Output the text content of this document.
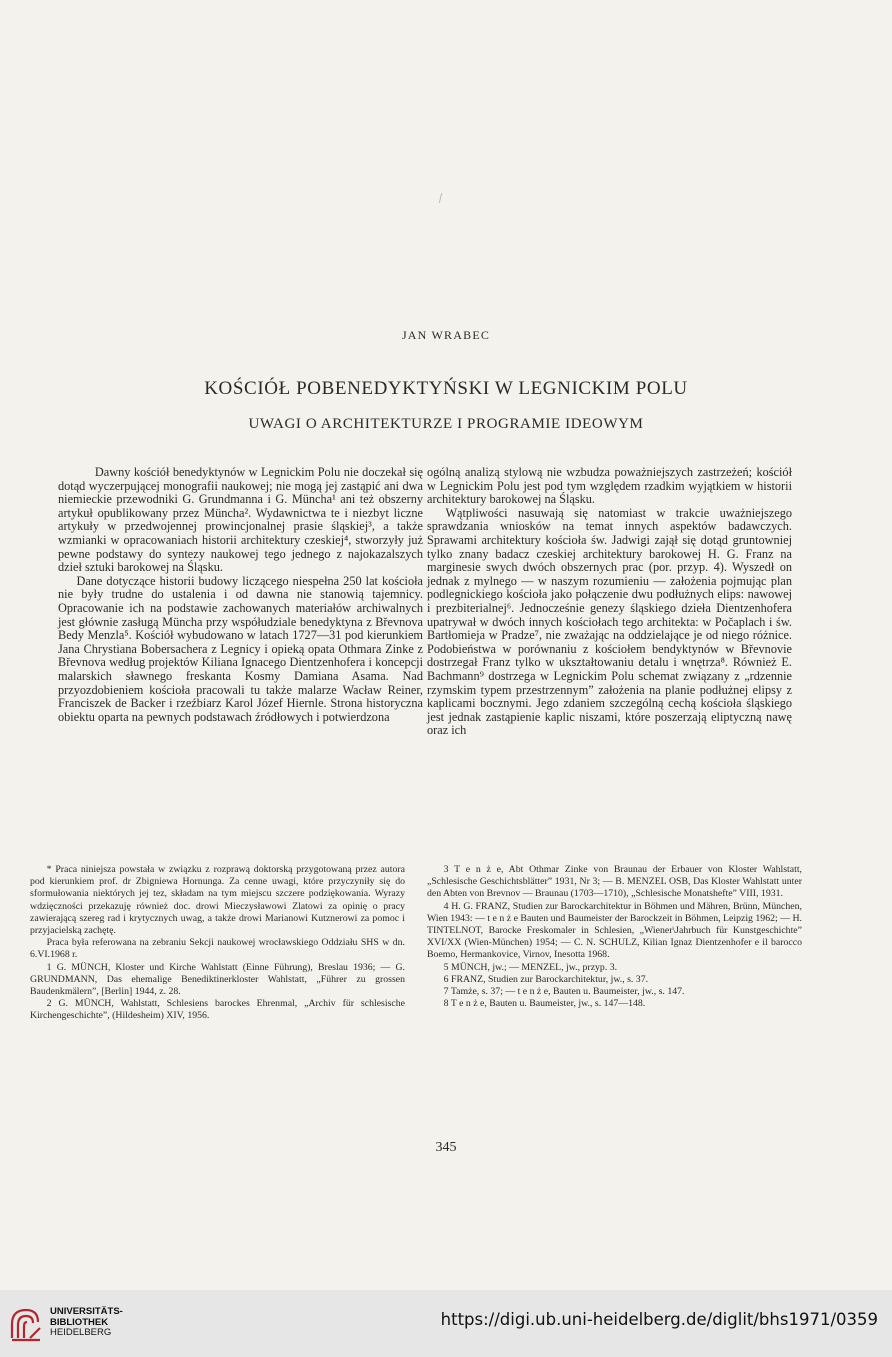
JAN WRABEC
KOŚCIÓŁ POBENEDYKTYŃSKI W LEGNICKIM POLU
UWAGI O ARCHITEKTURZE I PROGRAMIE IDEOWYM

Dawny kościół benedyktynów w Legnickim Polu nie doczekał się dotąd wyczerpującej monografii naukowej; nie mogą jej zastąpić ani dwa niemieckie przewodniki G. Grundmanna i G. Müncha¹ ani też obszerny artykuł opublikowany przez Müncha². Wydawnictwa te i niezbyt liczne artykuły w przedwojennej prowincjonalnej prasie śląskiej³, a także wzmianki w opracowaniach historii architektury czeskiej⁴, stworzyły już pewne podstawy do syntezy naukowej tego jednego z najokazalszych dzieł sztuki barokowej na Śląsku.

Dane dotyczące historii budowy liczącego niespełna 250 lat kościoła nie były trudne do ustalenia i od dawna nie stanowią tajemnicy. Opracowanie ich na podstawie zachowanych materiałów archiwalnych jest głównie zasługą Müncha przy współudziale benedyktyna z Břevnova Bedy Menzla⁵. Kościół wybudowano w latach 1727—31 pod kierunkiem Jana Chrystiana Bobersachera z Legnicy i opieką opata Othmara Zinke z Břevnova według projektów Kiliana Ignacego Dientzenhofera i koncepcji malarskich sławnego freskanta Kosmy Damiana Asama. Nad przyozdobieniem kościoła pracowali tu także malarze Wacław Reiner, Franciszek de Backer i rzeźbiarz Karol Józef Hiernle. Strona historyczna obiektu oparta na pewnych podstawach źródłowych i potwierdzona

ogólną analizą stylową nie wzbudza poważniejszych zastrzeżeń; kościół w Legnickim Polu jest pod tym względem rzadkim wyjątkiem w historii architektury barokowej na Śląsku.

Wątpliwości nasuwają się natomiast w trakcie uważniejszego sprawdzania wniosków na temat innych aspektów badawczych. Sprawami architektury kościoła św. Jadwigi zajął się dotąd gruntowniej tylko znany badacz czeskiej architektury barokowej H. G. Franz na marginesie swych dwóch obszernych prac (por. przyp. 4). Wyszedł on jednak z mylnego — w naszym rozumieniu — założenia pojmując plan podlegnickiego kościoła jako połączenie dwu podłużnych elips: nawowej i prezbiterialnej⁶. Jednocześnie genezy śląskiego dzieła Dientzenhofera upatrywał w dwóch innych kościołach tego architekta: w Počaplach i św. Bartłomieja w Pradze⁷, nie zważając na oddzielające je od niego różnice. Podobieństwa w porównaniu z kościołem bendyktynów w Břevnovie dostrzegał Franz tylko w ukształtowaniu detalu i wnętrza⁸. Również E. Bachmann⁹ dostrzega w Legnickim Polu schemat związany z „rdzennie rzymskim typem przestrzennym” założenia na planie podłużnej elipsy z kaplicami bocznymi. Jego zdaniem szczególną cechą kościoła śląskiego jest jednak zastąpienie kaplic niszami, które poszerzają eliptyczną nawę oraz ich

* Praca niniejsza powstała w związku z rozprawą doktorską przygotowaną przez autora pod kierunkiem prof. dr Zbigniewa Hornunga. Za cenne uwagi, które przyczyniły się do sformułowania niektórych jej tez, składam na tym miejscu szczere podziękowania. Wyrazy wdzięczności przekazuję również doc. drowi Mieczysławowi Zlatowi za opinię o pracy zawierającą szereg rad i krytycznych uwag, a także drowi Marianowi Kutznerowi za pomoc i przyjacielską zachętę.

Praca była referowana na zebraniu Sekcji naukowej wrocławskiego Oddziału SHS w dn. 6.VI.1968 r.

1 G. MÜNCH, Kloster und Kirche Wahlstatt (Einne Führung), Breslau 1936; — G. GRUNDMANN, Das ehemalige Benediktinerkloster Wahlstatt, „Führer zu grossen Baudenkmälern”, [Berlin] 1944, z. 28.

2 G. MÜNCH, Wahlstatt, Schlesiens barockes Ehrenmal, „Archiv für schlesische Kirchengeschichte”, (Hildesheim) XIV, 1956.

3 T e n ż e, Abt Othmar Zinke von Braunau der Erbauer von Kloster Wahlstatt, „Schlesische Geschichtsblätter” 1931, Nr 3; — B. MENZEL OSB, Das Kloster Wahlstatt unter den Abten von Brevnov — Braunau (1703—1710), „Schlesische Monatshefte” VIII, 1931.

4 H. G. FRANZ, Studien zur Barockarchitektur in Böhmen und Mähren, Brünn, München, Wien 1943: — t e n ż e Bauten und Baumeister der Barockzeit in Böhmen, Leipzig 1962; — H. TINTELNOT, Barocke Freskomaler in Schlesien, „Wiener\Jahrbuch für Kunstgeschichte” XVI/XX (Wien-München) 1954; — C. N. SCHULZ, Kilian Ignaz Dientzenhofer e il barocco Boemo, Hermankovice, Virnov, Inesotta 1968.

5 MÜNCH, jw.; — MENZEL, jw., przyp. 3.

6 FRANZ, Studien zur Barockarchitektur, jw., s. 37.

7 Tamże, s. 37; — t e n ż e, Bauten u. Baumeister, jw., s. 147.

8 T e n ż e, Bauten u. Baumeister, jw., s. 147—148.

345
UNIVERSITÄTS-
BIBLIOTHEK
HEIDELBERG
https://digi.ub.uni-heidelberg.de/diglit/bhs1971/0359
